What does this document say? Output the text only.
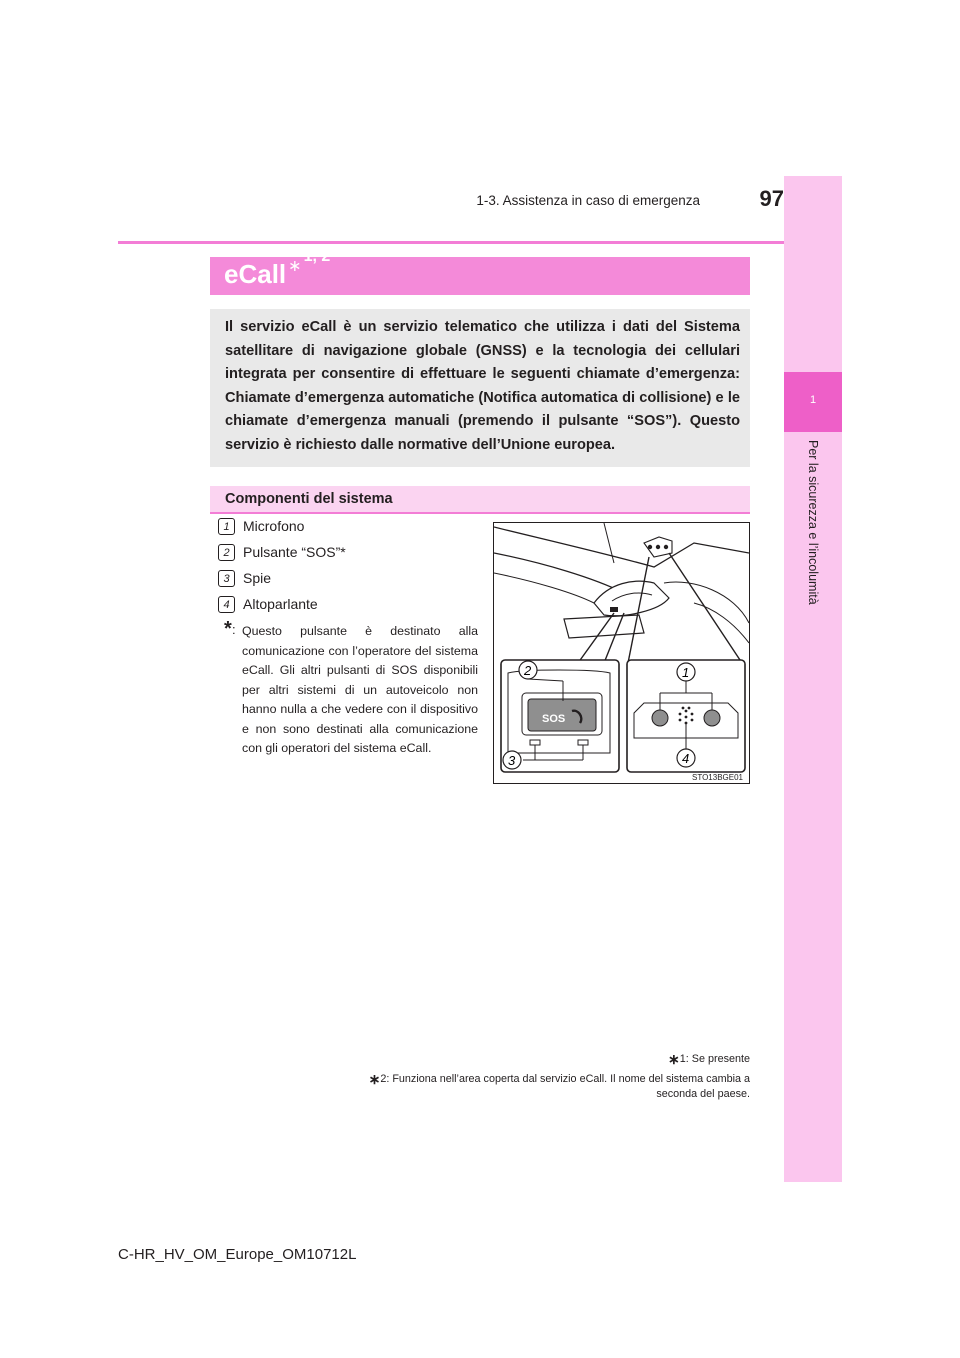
1
Per la sicurezza e l’incolumità
1-3. Assistenza in caso di emergenza	97
eCall $^{∗1, 2}$

Il servizio eCall è un servizio telematico che utilizza i dati del Sistema satellitare di navigazione globale (GNSS) e la tecnologia dei cellulari integrata per consentire di effettuare le seguenti chiamate d’emergenza: Chiamate d’emergenza automatiche (Notifica automatica di collisione) e le chiamate d’emergenza manuali (premendo il pulsante “SOS”). Questo servizio è richiesto dalle normative dell’Unione europea.

Componenti del sistema
1 Microfono
2 Pulsante “SOS”*
3 Spie
4 Altoparlante
* : Questo pulsante è destinato alla comunicazione con l’operatore del sistema eCall. Gli altri pulsanti di SOS disponibili per altri sistemi di un autoveicolo non hanno nulla a che vedere con il dispositivo e non sono destinati alla comunicazione con gli operatori del sistema eCall.
SOS
2
3
1
4
STO13BGE01
∗1: Se presente
∗2: Funziona nell’area coperta dal servizio eCall. Il nome del sistema cambia a seconda del paese.
C-HR_HV_OM_Europe_OM10712L
